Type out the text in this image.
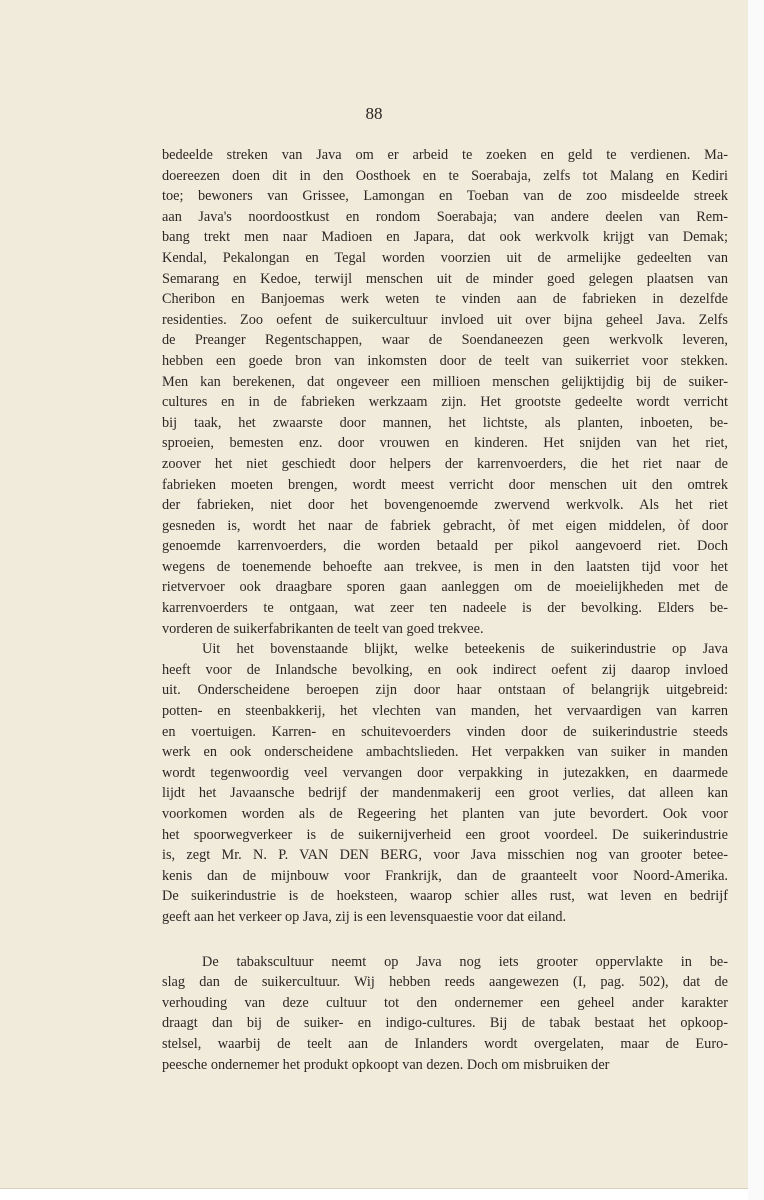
88
bedeelde streken van Java om er arbeid te zoeken en geld te verdienen. Ma-
doereezen doen dit in den Oosthoek en te Soerabaja, zelfs tot Malang en Kediri
toe; bewoners van Grissee, Lamongan en Toeban van de zoo misdeelde streek
aan Java's noordoostkust en rondom Soerabaja; van andere deelen van Rem-
bang trekt men naar Madioen en Japara, dat ook werkvolk krijgt van Demak;
Kendal, Pekalongan en Tegal worden voorzien uit de armelijke gedeelten van
Semarang en Kedoe, terwijl menschen uit de minder goed gelegen plaatsen van
Cheribon en Banjoemas werk weten te vinden aan de fabrieken in dezelfde
residenties. Zoo oefent de suikercultuur invloed uit over bijna geheel Java. Zelfs
de Preanger Regentschappen, waar de Soendaneezen geen werkvolk leveren,
hebben een goede bron van inkomsten door de teelt van suikerriet voor stekken.
Men kan berekenen, dat ongeveer een millioen menschen gelijktijdig bij de suiker-
cultures en in de fabrieken werkzaam zijn. Het grootste gedeelte wordt verricht
bij taak, het zwaarste door mannen, het lichtste, als planten, inboeten, be-
sproeien, bemesten enz. door vrouwen en kinderen. Het snijden van het riet,
zoover het niet geschiedt door helpers der karrenvoerders, die het riet naar de
fabrieken moeten brengen, wordt meest verricht door menschen uit den omtrek
der fabrieken, niet door het bovengenoemde zwervend werkvolk. Als het riet
gesneden is, wordt het naar de fabriek gebracht, òf met eigen middelen, òf door
genoemde karrenvoerders, die worden betaald per pikol aangevoerd riet. Doch
wegens de toenemende behoefte aan trekvee, is men in den laatsten tijd voor het
rietvervoer ook draagbare sporen gaan aanleggen om de moeielijkheden met de
karrenvoerders te ontgaan, wat zeer ten nadeele is der bevolking. Elders be-
vorderen de suikerfabrikanten de teelt van goed trekvee.
Uit het bovenstaande blijkt, welke beteekenis de suikerindustrie op Java
heeft voor de Inlandsche bevolking, en ook indirect oefent zij daarop invloed
uit. Onderscheidene beroepen zijn door haar ontstaan of belangrijk uitgebreid:
potten- en steenbakkerij, het vlechten van manden, het vervaardigen van karren
en voertuigen. Karren- en schuitevoerders vinden door de suikerindustrie steeds
werk en ook onderscheidene ambachtslieden. Het verpakken van suiker in manden
wordt tegenwoordig veel vervangen door verpakking in jutezakken, en daarmede
lijdt het Javaansche bedrijf der mandenmakerij een groot verlies, dat alleen kan
voorkomen worden als de Regeering het planten van jute bevordert. Ook voor
het spoorwegverkeer is de suikernijverheid een groot voordeel. De suikerindustrie
is, zegt Mr. N. P. VAN DEN BERG, voor Java misschien nog van grooter betee-
kenis dan de mijnbouw voor Frankrijk, dan de graanteelt voor Noord-Amerika.
De suikerindustrie is de hoeksteen, waarop schier alles rust, wat leven en bedrijf
geeft aan het verkeer op Java, zij is een levensquaestie voor dat eiland.
De tabakscultuur neemt op Java nog iets grooter oppervlakte in be-
slag dan de suikercultuur. Wij hebben reeds aangewezen (I, pag. 502), dat de
verhouding van deze cultuur tot den ondernemer een geheel ander karakter
draagt dan bij de suiker- en indigo-cultures. Bij de tabak bestaat het opkoop-
stelsel, waarbij de teelt aan de Inlanders wordt overgelaten, maar de Euro-
peesche ondernemer het produkt opkoopt van dezen. Doch om misbruiken der
